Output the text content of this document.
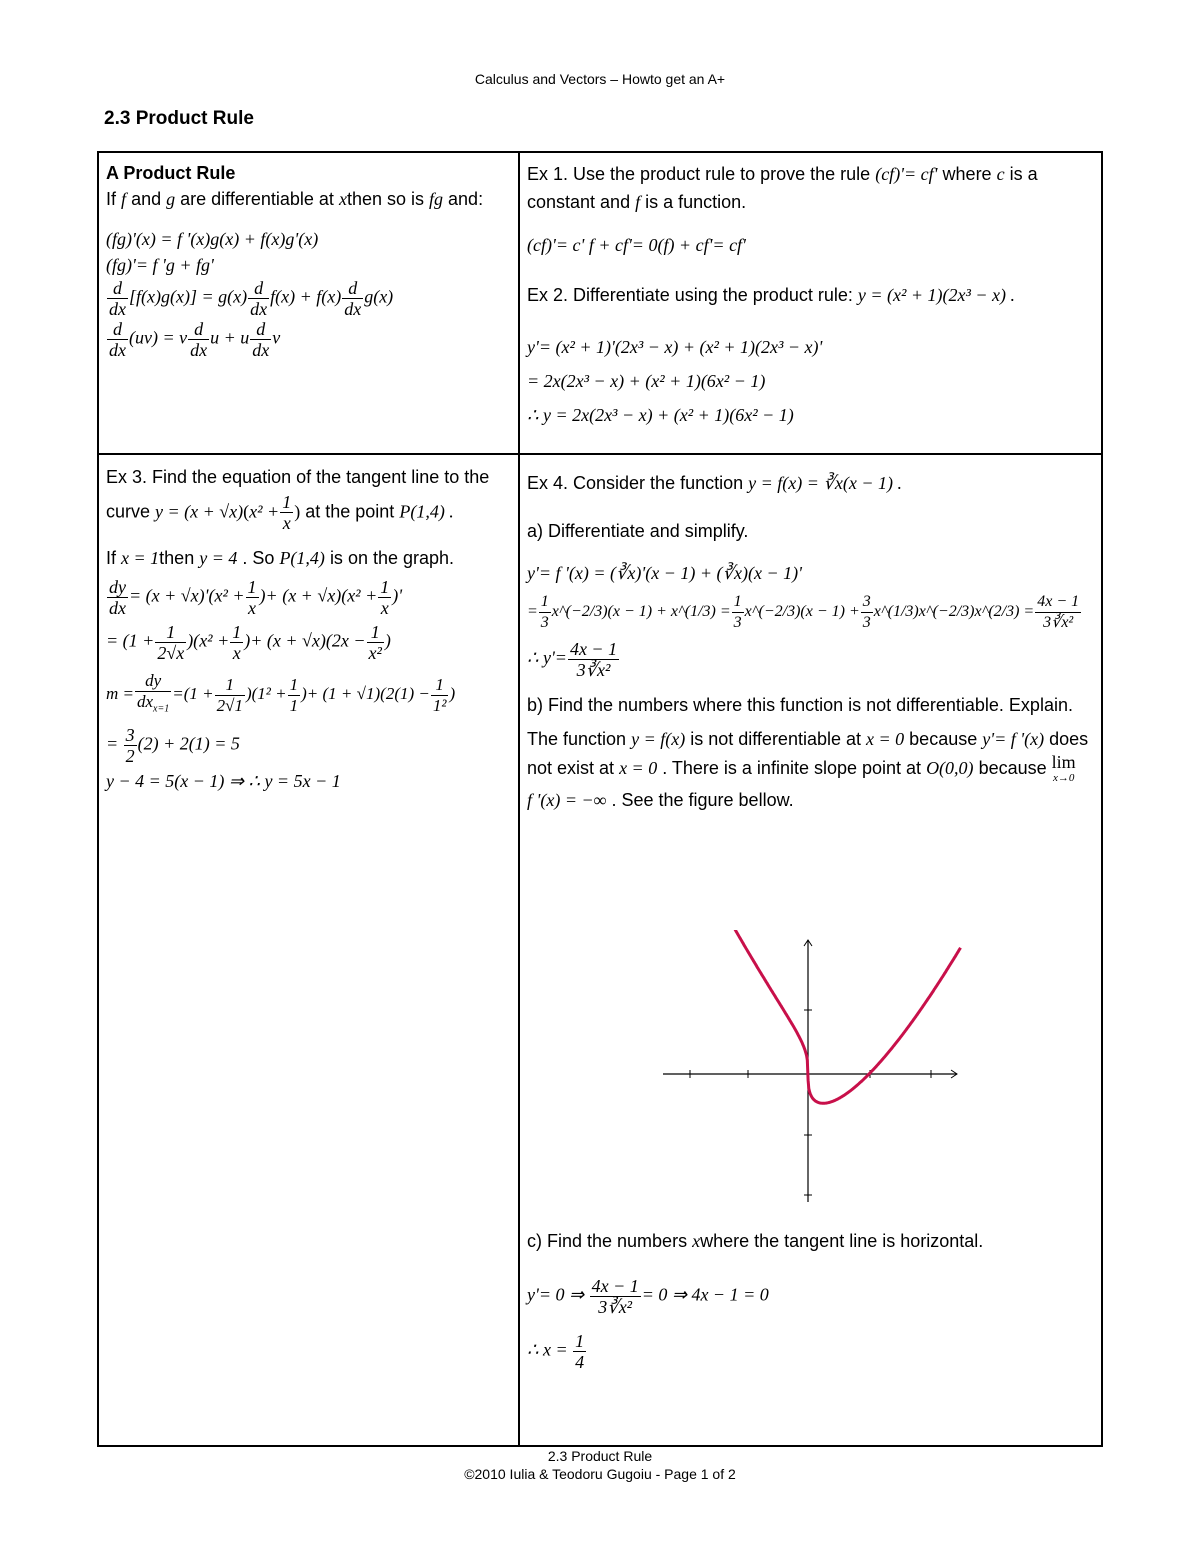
Calculus and Vectors – Howto get an A+
2.3 Product Rule
A Product Rule
If f and g are differentiable at xthen so is fg and:
(fg)'(x) = f '(x)g(x) + f(x)g'(x)
(fg)'= f 'g + fg'
$\frac{d}{dx} [f(x)g(x)] = g(x) \frac{d}{dx} f(x) + f(x) \frac{d}{dx} g(x)$
$\frac{d}{dx} (uv) = v \frac{d}{dx}$ u + u $\frac{d}{dx}$ v
Ex 1. Use the product rule to prove the rule (cf)'= cf' where c is a constant and f is a function.
(cf)'= c' f + cf'= 0(f) + cf'= cf'
Ex 2. Differentiate using the product rule: y = (x² + 1)(2x³ − x) .
y'= (x² + 1)'(2x³ − x) + (x² + 1)(2x³ − x)'
= 2x(2x³ − x) + (x² + 1)(6x² − 1)
∴ y = 2x(2x³ − x) + (x² + 1)(6x² − 1)
Ex 3. Find the equation of the tangent line to the curve $y = (x + √x)(x^2 + \frac{1}{x}$ ) at the point P(1,4) .
If x = 1then y = 4 . So P(1,4) is on the graph.
$\frac{dy}{dx} = (x + √x)'(x^2 + \frac{1}{x}$ )+ $(x + √x)(x^2 + \frac{1}{x}$ )'
= $(1 + \frac{1}{2√x} )(x^2 + \frac{1}{x}$ )+ $(x + √x)(2x - \frac{1}{\text{x²}}$ )
$m = \frac{dy}{dx_{x=1}} =(1 + \frac{1}{2√1} )(1^2 + \frac{1}{1}$ )+ $(1 + √1)(2(1) - \frac{1}{\text{1²}}$ )
= $\frac{3}{2} (2) + 2(1) = 5$
y − 4 = 5(x − 1) ⇒ ∴ y = 5x − 1
Ex 4. Consider the function y = f(x) = ∛x(x − 1) .
a) Differentiate and simplify.
y'= f '(x) = (∛x)'(x − 1) + (∛x)(x − 1)'
= $\frac{1}{3}$ x^(−2/3)(x − 1) + x^(1/3) = $\frac{1}{3}$ x^(−2/3)(x − $1) + \frac{3}{3}$ x^(1/3)x^(−2/3)x^(2/3) = $\frac{4x - 1}{\text{3∛x²}}$
∴ $y'= \frac{4x - 1}{\text{3∛x²}}$
b) Find the numbers where this function is not differentiable. Explain.
The function y = f(x) is not differentiable at x = 0 because y'= f '(x) does not exist at x = 0 . There is a infinite slope point at O(0,0) because lim
x→0
f '(x) = −∞ . See the figure bellow.
c) Find the numbers xwhere the tangent line is horizontal.
y'= 0 ⇒ $\frac{4x - 1}{\text{3∛x²}} = 0$ ⇒ 4x − 1 = 0
∴ $x = \frac{1}{4}$
2.3 Product Rule
©2010 Iulia & Teodoru Gugoiu - Page 1 of 2
